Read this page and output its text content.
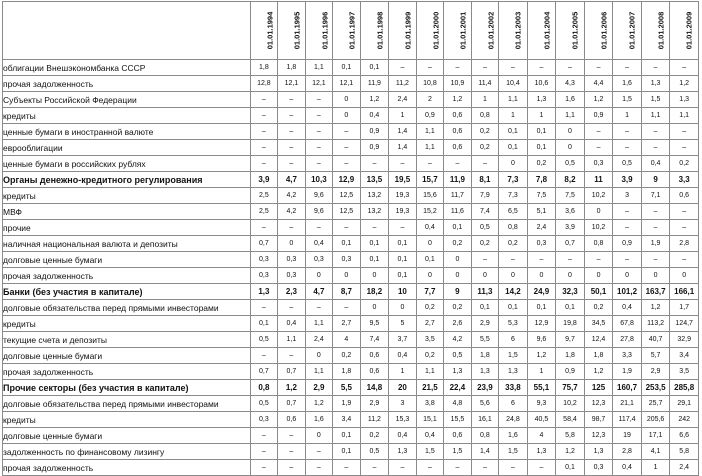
	01.01.1994	01.01.1995	01.01.1996	01.01.1997	01.01.1998	01.01.1999	01.01.2000	01.01.2001	01.01.2002	01.01.2003	01.01.2004	01.01.2005	01.01.2006	01.01.2007	01.01.2008	01.01.2009
облигации Внешэкономбанка СССР	1,8	1,8	1,1	0,1	0,1	–	–	–	–	–	–	–	–	–	–	–
прочая задолженность	12,8	12,1	12,1	12,1	11,9	11,2	10,8	10,9	11,4	10,4	10,6	4,3	4,4	1,6	1,3	1,2
Субъекты Российской Федерации	–	–	–	0	1,2	2,4	2	1,2	1	1,1	1,3	1,6	1,2	1,5	1,5	1,3
кредиты	–	–	–	0	0,4	1	0,9	0,6	0,8	1	1	1,1	0,9	1	1,1	1,1
ценные бумаги в иностранной валюте	–	–	–	–	0,9	1,4	1,1	0,6	0,2	0,1	0,1	0	–	–	–	–
еврооблигации	–	–	–	–	0,9	1,4	1,1	0,6	0,2	0,1	0,1	0	–	–	–	–
ценные бумаги в российских рублях	–	–	–	–	–	–	–	–	–	0	0,2	0,5	0,3	0,5	0,4	0,2
Органы денежно-кредитного регулирования	3,9	4,7	10,3	12,9	13,5	19,5	15,7	11,9	8,1	7,3	7,8	8,2	11	3,9	9	3,3
кредиты	2,5	4,2	9,6	12,5	13,2	19,3	15,6	11,7	7,9	7,3	7,5	7,5	10,2	3	7,1	0,6
МВФ	2,5	4,2	9,6	12,5	13,2	19,3	15,2	11,6	7,4	6,5	5,1	3,6	0	–	–	–
прочие	–	–	–	–	–	–	0,4	0,1	0,5	0,8	2,4	3,9	10,2	–	–	–
наличная национальная валюта и депозиты	0,7	0	0,4	0,1	0,1	0,1	0	0,2	0,2	0,2	0,3	0,7	0,8	0,9	1,9	2,8
долговые ценные бумаги	0,3	0,3	0,3	0,3	0,1	0,1	0,1	0	–	–	–	–	–	–	–	–
прочая задолженность	0,3	0,3	0	0	0	0,1	0	0	0	0	0	0	0	0	0	0
Банки (без участия в капитале)	1,3	2,3	4,7	8,7	18,2	10	7,7	9	11,3	14,2	24,9	32,3	50,1	101,2	163,7	166,1
долговые обязательства перед прямыми инвесторами	–	–	–	–	0	0	0,2	0,2	0,1	0,1	0,1	0,1	0,2	0,4	1,2	1,7
кредиты	0,1	0,4	1,1	2,7	9,5	5	2,7	2,6	2,9	5,3	12,9	19,8	34,5	67,8	113,2	124,7
текущие счета и депозиты	0,5	1,1	2,4	4	7,4	3,7	3,5	4,2	5,5	6	9,6	9,7	12,4	27,8	40,7	32,9
долговые ценные бумаги	–	–	0	0,2	0,6	0,4	0,2	0,5	1,8	1,5	1,2	1,8	1,8	3,3	5,7	3,4
прочая задолженность	0,7	0,7	1,1	1,8	0,6	1	1,1	1,3	1,3	1,3	1	0,9	1,2	1,9	2,9	3,5
Прочие секторы (без участия в капитале)	0,8	1,2	2,9	5,5	14,8	20	21,5	22,4	23,9	33,8	55,1	75,7	125	160,7	253,5	285,8
долговые обязательства перед прямыми инвесторами	0,5	0,7	1,2	1,9	2,9	3	3,8	4,8	5,6	6	9,3	10,2	12,3	21,1	25,7	29,1
кредиты	0,3	0,6	1,6	3,4	11,2	15,3	15,1	15,5	16,1	24,8	40,5	58,4	98,7	117,4	205,6	242
долговые ценные бумаги	–	–	0	0,1	0,2	0,4	0,4	0,6	0,8	1,6	4	5,8	12,3	19	17,1	6,6
задолженность по финансовому лизингу	–	–	–	0,1	0,5	1,3	1,5	1,5	1,4	1,5	1,3	1,2	1,3	2,8	4,1	5,8
прочая задолженность	–	–	–	–	–	–	–	–	–	–	–	0,1	0,3	0,4	1	2,4
